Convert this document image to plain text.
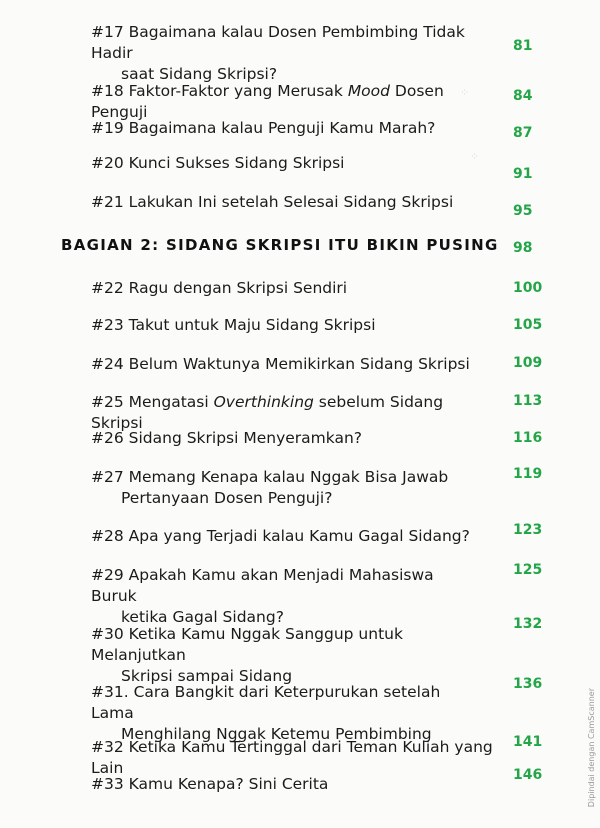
⁘
⁘
#17 Bagaimana kalau Dosen Pembimbing Tidak Hadir
saat Sidang Skripsi?
81
#18 Faktor-Faktor yang Merusak Mood Dosen Penguji
84
#19 Bagaimana kalau Penguji Kamu Marah?	87
#20 Kunci Sukses Sidang Skripsi
91
#21 Lakukan Ini setelah Selesai Sidang Skripsi	95
BAGIAN 2: SIDANG SKRIPSI ITU BIKIN PUSING 98
#22 Ragu dengan Skripsi Sendiri	100
#23 Takut untuk Maju Sidang Skripsi	105
#24 Belum Waktunya Memikirkan Sidang Skripsi	109
#25 Mengatasi Overthinking sebelum Sidang Skripsi
113
#26 Sidang Skripsi Menyeramkan?	116
#27 Memang Kenapa kalau Nggak Bisa Jawab
Pertanyaan Dosen Penguji?
119
#28 Apa yang Terjadi kalau Kamu Gagal Sidang?	123
#29 Apakah Kamu akan Menjadi Mahasiswa Buruk
ketika Gagal Sidang?
125
#30 Ketika Kamu Nggak Sanggup untuk Melanjutkan
Skripsi sampai Sidang
132
#31. Cara Bangkit dari Keterpurukan setelah Lama
Menghilang Nggak Ketemu Pembimbing
136
#32 Ketika Kamu Tertinggal dari Teman Kuliah yang Lain
141
#33 Kamu Kenapa? Sini Cerita	146	Dipindai dengan CamScanner
